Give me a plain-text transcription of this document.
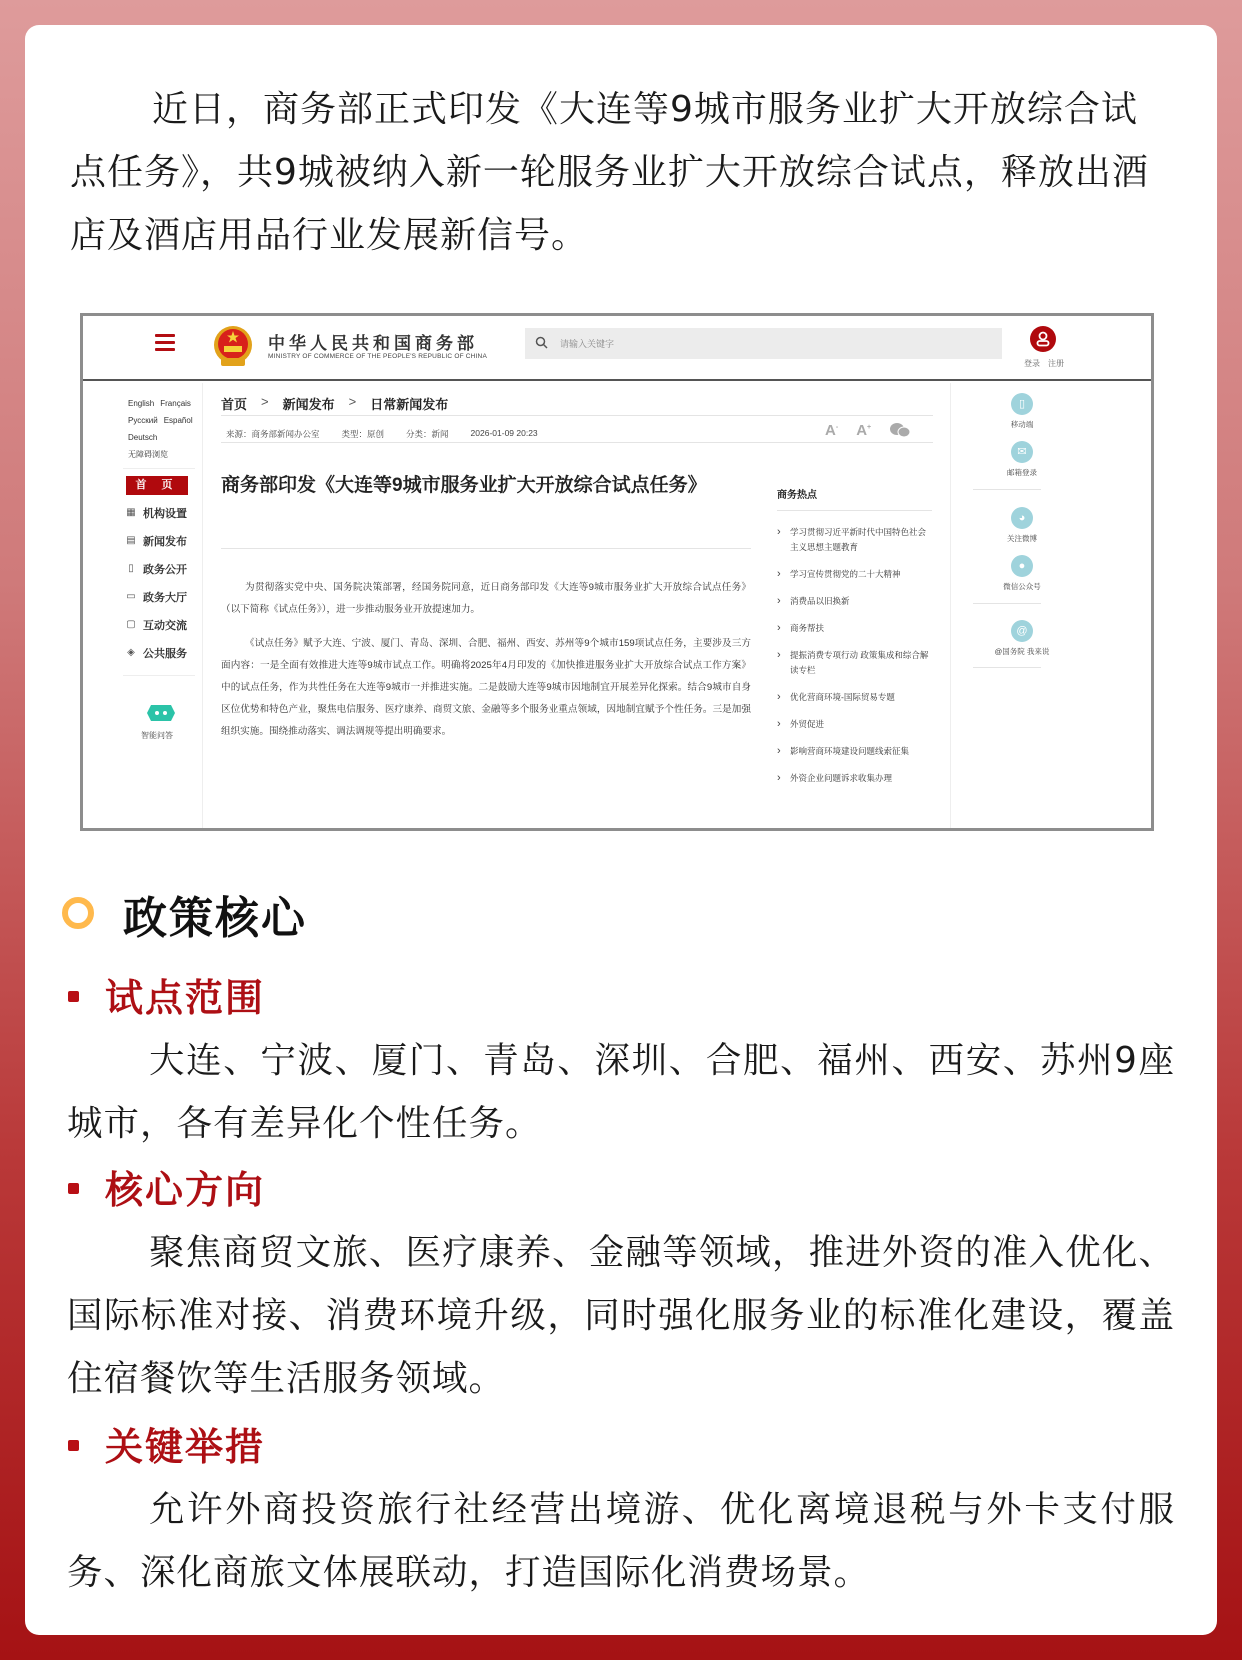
近日，商务部正式印发《大连等9城市服务业扩大开放综合试点任务》，共9城被纳入新一轮服务业扩大开放综合试点，释放出酒店及酒店用品行业发展新信号。

中华人民共和国商务部
MINISTRY OF COMMERCE OF THE PEOPLE'S REPUBLIC OF CHINA
请输入关键字
登录 注册
English Français
Русский Español
Deutsch
无障碍浏览
首 页
▦ 机构设置
▤ 新闻发布
▯ 政务公开
▭ 政务大厅
▢ 互动交流
◈ 公共服务
智能问答
首页 > 新闻发布 > 日常新闻发布
来源：商务部新闻办公室	类型：原创	分类：新闻	2026-01-09 20:23	A- A+
商务部印发《大连等9城市服务业扩大开放综合试点任务》

为贯彻落实党中央、国务院决策部署，经国务院同意，近日商务部印发《大连等9城市服务业扩大开放综合试点任务》（以下简称《试点任务》），进一步推动服务业开放提速加力。

《试点任务》赋予大连、宁波、厦门、青岛、深圳、合肥、福州、西安、苏州等9个城市159项试点任务，主要涉及三方面内容：一是全面有效推进大连等9城市试点工作。明确将2025年4月印发的《加快推进服务业扩大开放综合试点工作方案》中的试点任务，作为共性任务在大连等9城市一并推进实施。二是鼓励大连等9城市因地制宜开展差异化探索。结合9城市自身区位优势和特色产业，聚焦电信服务、医疗康养、商贸文旅、金融等多个服务业重点领域，因地制宜赋予个性任务。三是加强组织实施。围绕推动落实、调法调规等提出明确要求。

商务热点
› 学习贯彻习近平新时代中国特色社会主义思想主题教育
› 学习宣传贯彻党的二十大精神
› 消费品以旧换新
› 商务帮扶
› 提振消费专项行动 政策集成和综合解读专栏
› 优化营商环境-国际贸易专题
› 外贸促进
› 影响营商环境建设问题线索征集
› 外资企业问题诉求收集办理
▯
移动端
✉
邮箱登录
◕
关注微博
●
微信公众号
@
@国务院 我来说
政策核心
试点范围

大连、宁波、厦门、青岛、深圳、合肥、福州、西安、苏州9座城市，各有差异化个性任务。

核心方向

聚焦商贸文旅、医疗康养、金融等领域，推进外资的准入优化、国际标准对接、消费环境升级，同时强化服务业的标准化建设，覆盖住宿餐饮等生活服务领域。

关键举措

允许外商投资旅行社经营出境游、优化离境退税与外卡支付服务、深化商旅文体展联动，打造国际化消费场景。
